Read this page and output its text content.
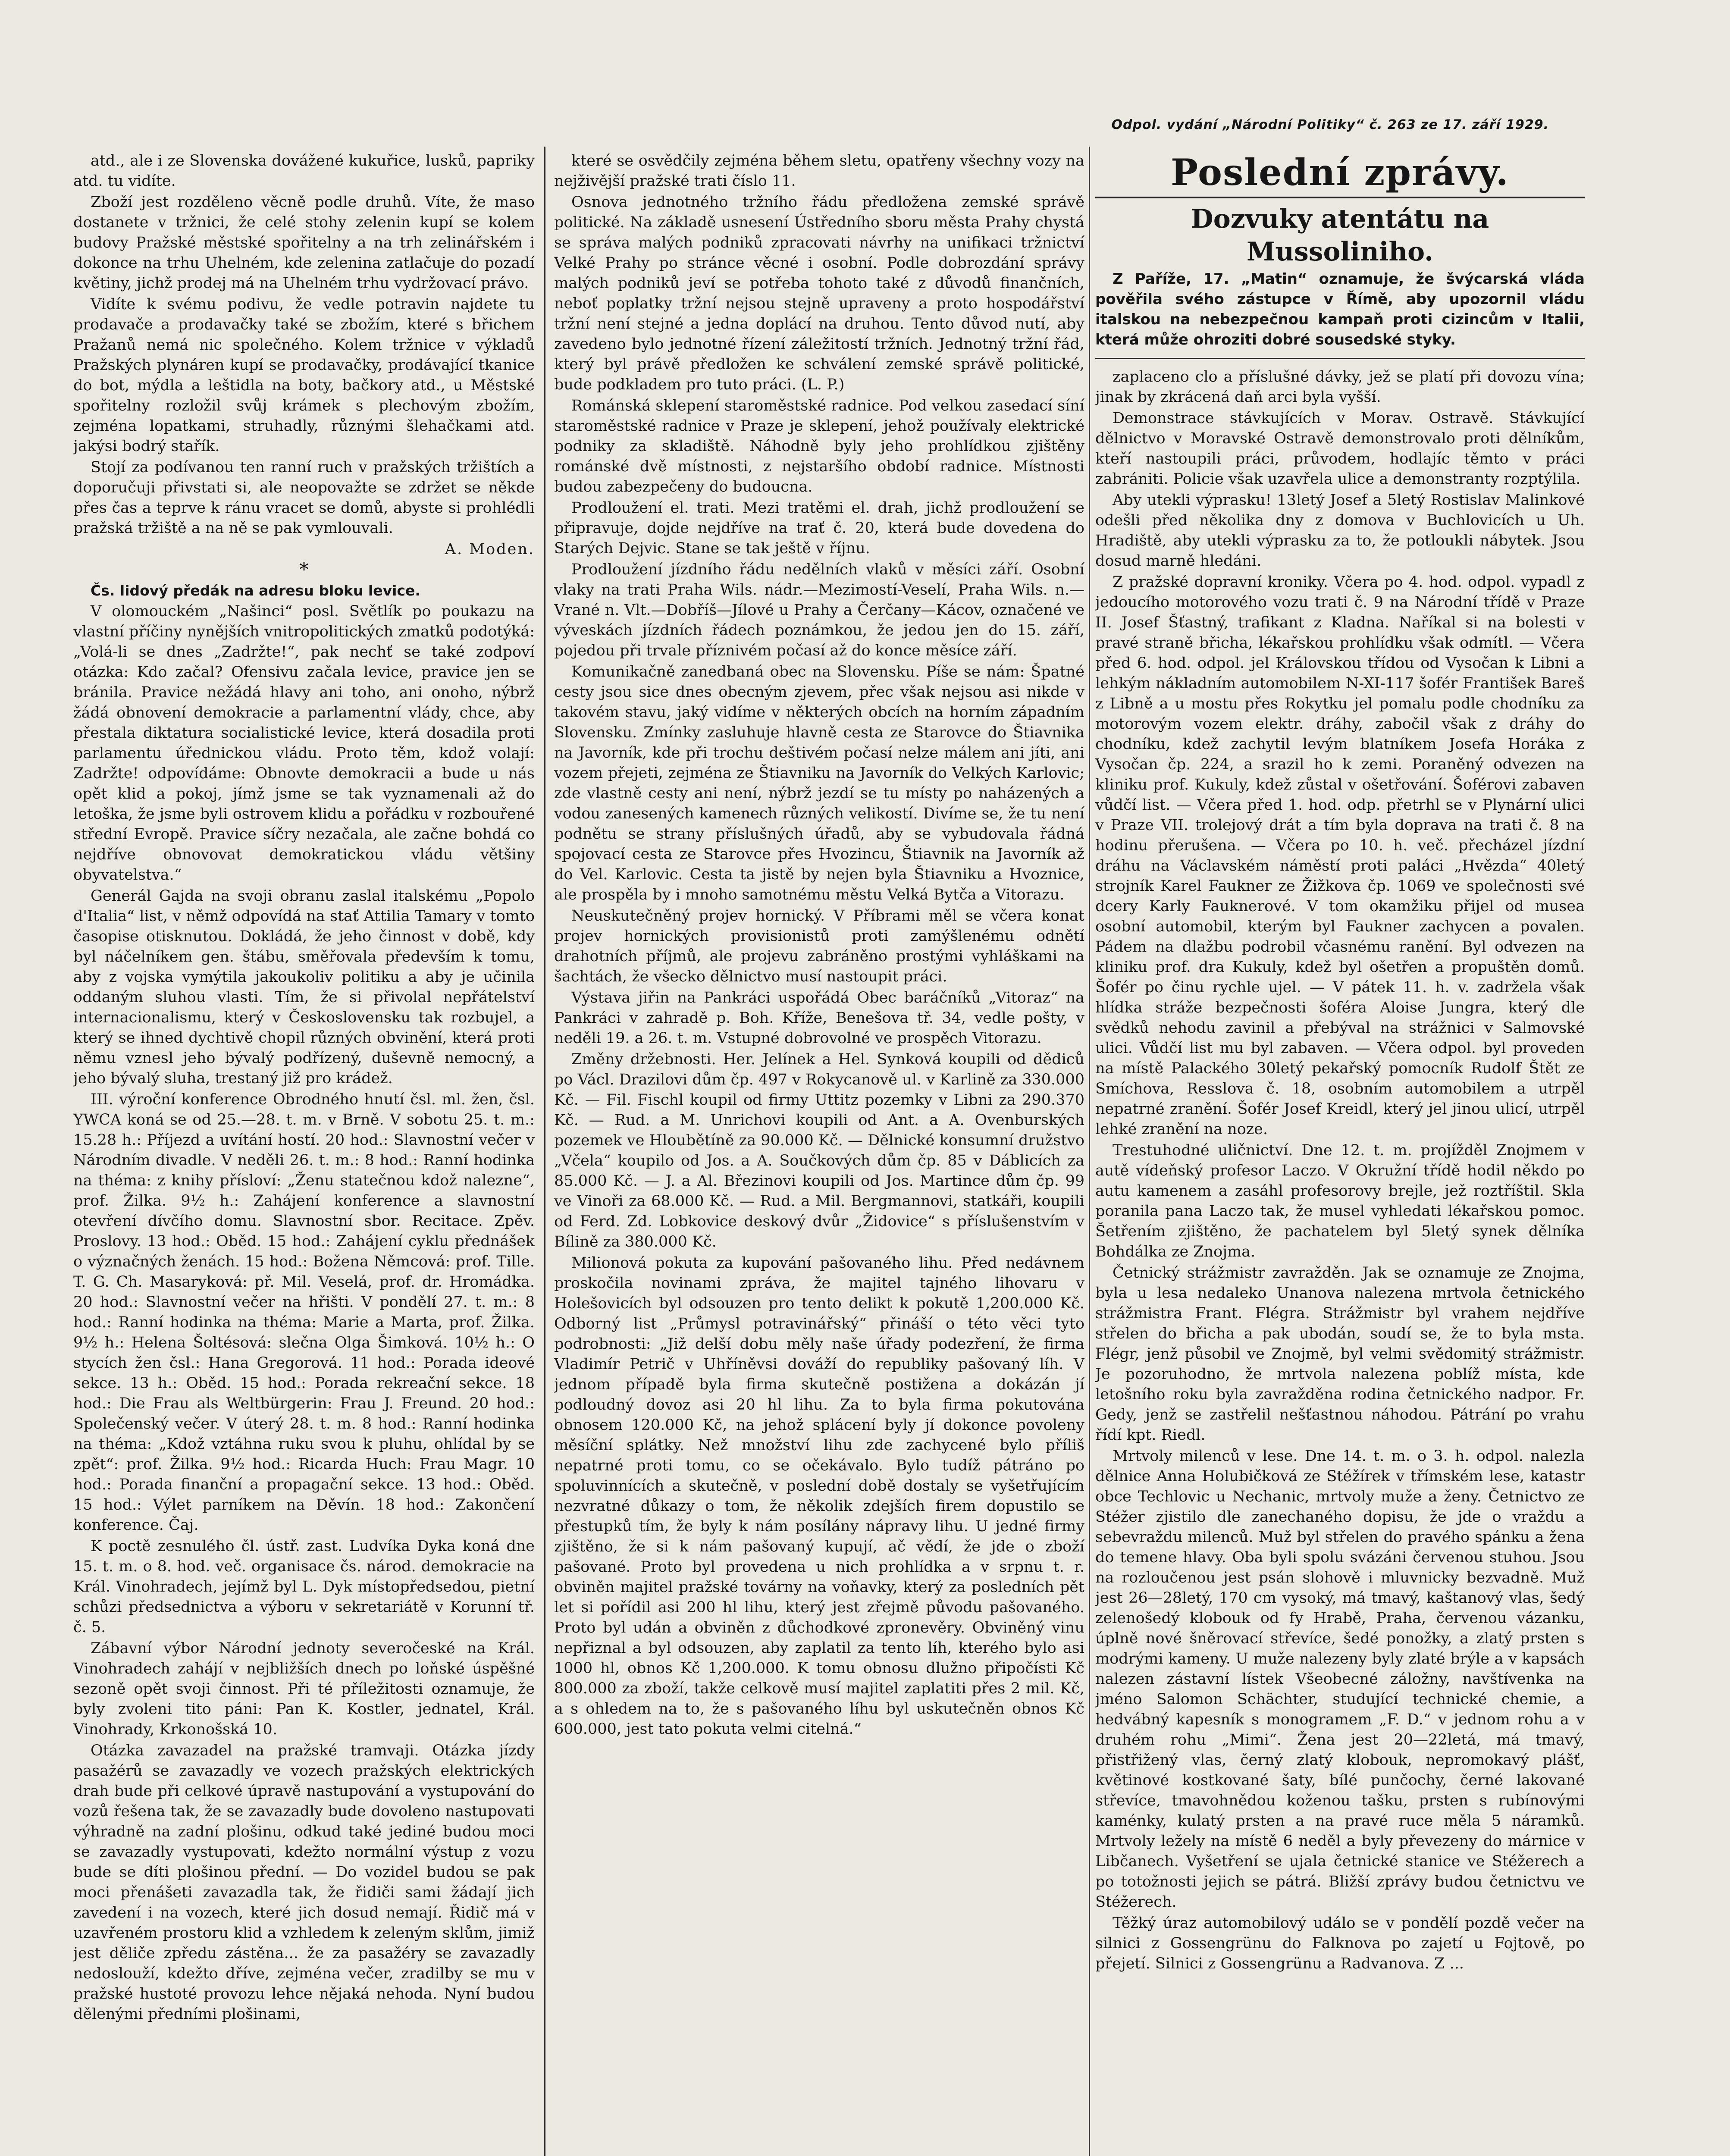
Odpol. vydání „Národní Politiky“ č. 263 ze 17. září 1929.

atd., ale i ze Slovenska dovážené kukuřice, lusků, papriky atd. tu vidíte.

Zboží jest rozděleno věcně podle druhů. Víte, že maso dostanete v tržnici, že celé stohy zelenin kupí se kolem budovy Pražské městské spořitelny a na trh zelinářském i dokonce na trhu Uhelném, kde zelenina zatlačuje do pozadí květiny, jichž prodej má na Uhelném trhu vydržovací právo.

Vidíte k svému podivu, že vedle potravin najdete tu prodavače a prodavačky také se zbožím, které s břichem Pražanů nemá nic společného. Kolem tržnice v výkladů Pražských plynáren kupí se prodavačky, prodávající tkanice do bot, mýdla a leštidla na boty, bačkory atd., u Městské spořitelny rozložil svůj krámek s plechovým zbožím, zejména lopatkami, struhadly, různými šlehačkami atd. jakýsi bodrý stařík.

Stojí za podívanou ten ranní ruch v pražských tržištích a doporučuji přivstati si, ale neopovažte se zdržet se někde přes čas a teprve k ránu vracet se domů, abyste si prohlédli pražská tržiště a na ně se pak vymlouvali.

A. Moden.

*

Čs. lidový předák na adresu bloku levice.

V olomouckém „Našinci“ posl. Světlík po poukazu na vlastní příčiny nynějších vnitropolitických zmatků podotýká: „Volá-li se dnes „Zadržte!“, pak nechť se také zodpoví otázka: Kdo začal? Ofensivu začala levice, pravice jen se bránila. Pravice nežádá hlavy ani toho, ani onoho, nýbrž žádá obnovení demokracie a parlamentní vlády, chce, aby přestala diktatura socialistické levice, která dosadila proti parlamentu úřednickou vládu. Proto těm, kdož volají: Zadržte! odpovídáme: Obnovte demokracii a bude u nás opět klid a pokoj, jímž jsme se tak vyznamenali až do letoška, že jsme byli ostrovem klidu a pořádku v rozbouřené střední Evropě. Pravice síčry nezačala, ale začne bohdá co nejdříve obnovovat demokratickou vládu většiny obyvatelstva.“

Generál Gajda na svoji obranu zaslal italskému „Popolo d'Italia“ list, v němž odpovídá na stať Attilia Tamary v tomto časopise otisknutou. Dokládá, že jeho činnost v době, kdy byl náčelníkem gen. štábu, směřovala především k tomu, aby z vojska vymýtila jakoukoliv politiku a aby je učinila oddaným sluhou vlasti. Tím, že si přivolal nepřátelství internacionalismu, který v Československu tak rozbujel, a který se ihned dychtivě chopil různých obvinění, která proti němu vznesl jeho bývalý podřízený, duševně nemocný, a jeho bývalý sluha, trestaný již pro krádež.

III. výroční konference Obrodného hnutí čsl. ml. žen, čsl. YWCA koná se od 25.—28. t. m. v Brně. V sobotu 25. t. m.: 15.28 h.: Příjezd a uvítání hostí. 20 hod.: Slavnostní večer v Národním divadle. V neděli 26. t. m.: 8 hod.: Ranní hodinka na théma: z knihy přísloví: „Ženu statečnou kdož nalezne“, prof. Žilka. 9½ h.: Zahájení konference a slavnostní otevření dívčího domu. Slavnostní sbor. Recitace. Zpěv. Proslovy. 13 hod.: Oběd. 15 hod.: Zahájení cyklu přednášek o význačných ženách. 15 hod.: Božena Němcová: prof. Tille. T. G. Ch. Masaryková: př. Mil. Veselá, prof. dr. Hromádka. 20 hod.: Slavnostní večer na hřišti. V pondělí 27. t. m.: 8 hod.: Ranní hodinka na théma: Marie a Marta, prof. Žilka. 9½ h.: Helena Šoltésová: slečna Olga Šimková. 10½ h.: O stycích žen čsl.: Hana Gregorová. 11 hod.: Porada ideové sekce. 13 h.: Oběd. 15 hod.: Porada rekreační sekce. 18 hod.: Die Frau als Weltbürgerin: Frau J. Freund. 20 hod.: Společenský večer. V úterý 28. t. m. 8 hod.: Ranní hodinka na théma: „Kdož vztáhna ruku svou k pluhu, ohlídal by se zpět“: prof. Žilka. 9½ hod.: Ricarda Huch: Frau Magr. 10 hod.: Porada finanční a propagační sekce. 13 hod.: Oběd. 15 hod.: Výlet parníkem na Děvín. 18 hod.: Zakončení konference. Čaj.

K poctě zesnulého čl. ústř. zast. Ludvíka Dyka koná dne 15. t. m. o 8. hod. več. organisace čs. národ. demokracie na Král. Vinohradech, jejímž byl L. Dyk místopředsedou, pietní schůzi předsednictva a výboru v sekretariátě v Korunní tř. č. 5.

Zábavní výbor Národní jednoty severočeské na Král. Vinohradech zahájí v nejbližších dnech po loňské úspěšné sezoně opět svoji činnost. Při té příležitosti oznamuje, že byly zvoleni tito páni: Pan K. Kostler, jednatel, Král. Vinohrady, Krkonošská 10.

Otázka zavazadel na pražské tramvaji. Otázka jízdy pasažérů se zavazadly ve vozech pražských elektrických drah bude při celkové úpravě nastupování a vystupování do vozů řešena tak, že se zavazadly bude dovoleno nastupovati výhradně na zadní plošinu, odkud také jediné budou moci se zavazadly vystupovati, kdežto normální výstup z vozu bude se díti plošinou přední. — Do vozidel budou se pak moci přenášeti zavazadla tak, že řidiči sami žádají jich zavedení i na vozech, které jich dosud nemají. Řidič má v uzavřeném prostoru klid a vzhledem k zeleným sklům, jimiž jest děliče zpředu zástěna... že za pasažéry se zavazadly nedoslouží, kdežto dříve, zejména večer, zradilby se mu v pražské hustoté provozu lehce nějaká nehoda. Nyní budou dělenými předními plošinami,

které se osvědčily zejména během sletu, opatřeny všechny vozy na nejživější pražské trati číslo 11.

Osnova jednotného tržního řádu předložena zemské správě politické. Na základě usnesení Ústředního sboru města Prahy chystá se správa malých podniků zpracovati návrhy na unifikaci tržnictví Velké Prahy po stránce věcné i osobní. Podle dobrozdání správy malých podniků jeví se potřeba tohoto také z důvodů finančních, neboť poplatky tržní nejsou stejně upraveny a proto hospodářství tržní není stejné a jedna doplácí na druhou. Tento důvod nutí, aby zavedeno bylo jednotné řízení záležitostí tržních. Jednotný tržní řád, který byl právě předložen ke schválení zemské správě politické, bude podkladem pro tuto práci. (L. P.)

Románská sklepení staroměstské radnice. Pod velkou zasedací síní staroměstské radnice v Praze je sklepení, jehož používaly elektrické podniky za skladiště. Náhodně byly jeho prohlídkou zjištěny románské dvě místnosti, z nejstaršího období radnice. Místnosti budou zabezpečeny do budoucna.

Prodloužení el. trati. Mezi tratěmi el. drah, jichž prodloužení se připravuje, dojde nejdříve na trať č. 20, která bude dovedena do Starých Dejvic. Stane se tak ještě v říjnu.

Prodloužení jízdního řádu nedělních vlaků v měsíci září. Osobní vlaky na trati Praha Wils. nádr.—Mezimostí-Veselí, Praha Wils. n.—Vrané n. Vlt.—Dobříš—Jílové u Prahy a Čerčany—Kácov, označené ve výveskách jízdních řádech poznámkou, že jedou jen do 15. září, pojedou při trvale příznivém počasí až do konce měsíce září.

Komunikačně zanedbaná obec na Slovensku. Píše se nám: Špatné cesty jsou sice dnes obecným zjevem, přec však nejsou asi nikde v takovém stavu, jaký vidíme v některých obcích na horním západním Slovensku. Zmínky zasluhuje hlavně cesta ze Starovce do Štiavnika na Javorník, kde při trochu deštivém počasí nelze málem ani jíti, ani vozem přejeti, zejména ze Štiavniku na Javorník do Velkých Karlovic; zde vlastně cesty ani není, nýbrž jezdí se tu místy po naházených a vodou zanesených kamenech různých velikostí. Divíme se, že tu není podnětu se strany příslušných úřadů, aby se vybudovala řádná spojovací cesta ze Starovce přes Hvozincu, Štiavnik na Javorník až do Vel. Karlovic. Cesta ta jistě by nejen byla Štiavniku a Hvoznice, ale prospěla by i mnoho samotnému městu Velká Bytča a Vitorazu.

Neuskutečněný projev hornický. V Příbrami měl se včera konat projev hornických provisionistů proti zamýšlenému odnětí drahotních příjmů, ale projevu zabráněno prostými vyhláškami na šachtách, že všecko dělnictvo musí nastoupit práci.

Výstava jiřin na Pankráci uspořádá Obec baráčníků „Vitoraz“ na Pankráci v zahradě p. Boh. Kříže, Benešova tř. 34, vedle pošty, v neděli 19. a 26. t. m. Vstupné dobrovolné ve prospěch Vitorazu.

Změny držebnosti. Her. Jelínek a Hel. Synková koupili od dědiců po Václ. Drazilovi dům čp. 497 v Rokycanově ul. v Karlině za 330.000 Kč. — Fil. Fischl koupil od firmy Uttitz pozemky v Libni za 290.370 Kč. — Rud. a M. Unrichovi koupili od Ant. a A. Ovenburských pozemek ve Hloubětíně za 90.000 Kč. — Dělnické konsumní družstvo „Včela“ koupilo od Jos. a A. Součkových dům čp. 85 v Dáblicích za 85.000 Kč. — J. a Al. Březinovi koupili od Jos. Martince dům čp. 99 ve Vinoři za 68.000 Kč. — Rud. a Mil. Bergmannovi, statkáři, koupili od Ferd. Zd. Lobkovice deskový dvůr „Židovice“ s příslušenstvím v Bílině za 380.000 Kč.

Milionová pokuta za kupování pašovaného lihu. Před nedávnem proskočila novinami zpráva, že majitel tajného lihovaru v Holešovicích byl odsouzen pro tento delikt k pokutě 1,200.000 Kč. Odborný list „Průmysl potravinářský“ přináší o této věci tyto podrobnosti: „Již delší dobu měly naše úřady podezření, že firma Vladimír Petrič v Uhříněvsi dováží do republiky pašovaný líh. V jednom případě byla firma skutečně postižena a dokázán jí podloudný dovoz asi 20 hl lihu. Za to byla firma pokutována obnosem 120.000 Kč, na jehož splácení byly jí dokonce povoleny měsíční splátky. Než množství lihu zde zachycené bylo příliš nepatrné proti tomu, co se očekávalo. Bylo tudíž pátráno po spoluvinnících a skutečně, v poslední době dostaly se vyšetřujícím nezvratné důkazy o tom, že několik zdejších firem dopustilo se přestupků tím, že byly k nám posílány nápravy lihu. U jedné firmy zjištěno, že si k nám pašovaný kupují, ač vědí, že jde o zboží pašované. Proto byl provedena u nich prohlídka a v srpnu t. r. obviněn majitel pražské továrny na voňavky, který za posledních pět let si pořídil asi 200 hl lihu, který jest zřejmě původu pašovaného. Proto byl udán a obviněn z důchodkové zpronevěry. Obviněný vinu nepřiznal a byl odsouzen, aby zaplatil za tento líh, kterého bylo asi 1000 hl, obnos Kč 1,200.000. K tomu obnosu dlužno připočísti Kč 800.000 za zboží, takže celkově musí majitel zaplatiti přes 2 mil. Kč, a s ohledem na to, že s pašovaného líhu byl uskutečněn obnos Kč 600.000, jest tato pokuta velmi citelná.“

Poslední zprávy.

Dozvuky atentátu na Mussoliniho.

Z Paříže, 17. „Matin“ oznamuje, že švýcarská vláda pověřila svého zástupce v Římě, aby upozornil vládu italskou na nebezpečnou kampaň proti cizincům v Italii, která může ohroziti dobré sousedské styky.

zaplaceno clo a příslušné dávky, jež se platí při dovozu vína; jinak by zkrácená daň arci byla vyšší.

Demonstrace stávkujících v Morav. Ostravě. Stávkující dělnictvo v Moravské Ostravě demonstrovalo proti dělníkům, kteří nastoupili práci, průvodem, hodlajíc těmto v práci zabrániti. Policie však uzavřela ulice a demonstranty rozptýlila.

Aby utekli výprasku! 13letý Josef a 5letý Rostislav Malinkové odešli před několika dny z domova v Buchlovicích u Uh. Hradiště, aby utekli výprasku za to, že potloukli nábytek. Jsou dosud marně hledáni.

Z pražské dopravní kroniky. Včera po 4. hod. odpol. vypadl z jedoucího motorového vozu trati č. 9 na Národní třídě v Praze II. Josef Šťastný, trafikant z Kladna. Naříkal si na bolesti v pravé straně břicha, lékařskou prohlídku však odmítl. — Včera před 6. hod. odpol. jel Královskou třídou od Vysočan k Libni a lehkým nákladním automobilem N-XI-117 šofér František Bareš z Libně a u mostu přes Rokytku jel pomalu podle chodníku za motorovým vozem elektr. dráhy, zabočil však z dráhy do chodníku, kdež zachytil levým blatníkem Josefa Horáka z Vysočan čp. 224, a srazil ho k zemi. Poraněný odvezen na kliniku prof. Kukuly, kdež zůstal v ošetřování. Šoférovi zabaven vůdčí list. — Včera před 1. hod. odp. přetrhl se v Plynární ulici v Praze VII. trolejový drát a tím byla doprava na trati č. 8 na hodinu přerušena. — Včera po 10. h. več. přecházel jízdní dráhu na Václavském náměstí proti paláci „Hvězda“ 40letý strojník Karel Faukner ze Žižkova čp. 1069 ve společnosti své dcery Karly Fauknerové. V tom okamžiku přijel od musea osobní automobil, kterým byl Faukner zachycen a povalen. Pádem na dlažbu podrobil včasnému ranění. Byl odvezen na kliniku prof. dra Kukuly, kdež byl ošetřen a propuštěn domů. Šofér po činu rychle ujel. — V pátek 11. h. v. zadržela však hlídka stráže bezpečnosti šoféra Aloise Jungra, který dle svědků nehodu zavinil a přebýval na strážnici v Salmovské ulici. Vůdčí list mu byl zabaven. — Včera odpol. byl proveden na místě Palackého 30letý pekařský pomocník Rudolf Štět ze Smíchova, Resslova č. 18, osobním automobilem a utrpěl nepatrné zranění. Šofér Josef Kreidl, který jel jinou ulicí, utrpěl lehké zranění na noze.

Trestuhodné uličnictví. Dne 12. t. m. projížděl Znojmem v autě vídeňský profesor Laczo. V Okružní třídě hodil někdo po autu kamenem a zasáhl profesorovy brejle, jež roztříštil. Skla poranila pana Laczo tak, že musel vyhledati lékařskou pomoc. Šetřením zjištěno, že pachatelem byl 5letý synek dělníka Bohdálka ze Znojma.

Četnický strážmistr zavražděn. Jak se oznamuje ze Znojma, byla u lesa nedaleko Unanova nalezena mrtvola četnického strážmistra Frant. Flégra. Strážmistr byl vrahem nejdříve střelen do břicha a pak ubodán, soudí se, že to byla msta. Flégr, jenž působil ve Znojmě, byl velmi svědomitý strážmistr. Je pozoruhodno, že mrtvola nalezena poblíž místa, kde letošního roku byla zavražděna rodina četnického nadpor. Fr. Gedy, jenž se zastřelil nešťastnou náhodou. Pátrání po vrahu řídí kpt. Riedl.

Mrtvoly milenců v lese. Dne 14. t. m. o 3. h. odpol. nalezla dělnice Anna Holubičková ze Stéžírek v třímském lese, katastr obce Techlovic u Nechanic, mrtvoly muže a ženy. Četnictvo ze Stéžer zjistilo dle zanechaného dopisu, že jde o vraždu a sebevraždu milenců. Muž byl střelen do pravého spánku a žena do temene hlavy. Oba byli spolu svázáni červenou stuhou. Jsou na rozloučenou jest psán slohově i mluvnicky bezvadně. Muž jest 26—28letý, 170 cm vysoký, má tmavý, kaštanový vlas, šedý zelenošedý klobouk od fy Hrabě, Praha, červenou vázanku, úplně nové šněrovací střevíce, šedé ponožky, a zlatý prsten s modrými kameny. U muže nalezeny byly zlaté brýle a v kapsách nalezen zástavní lístek Všeobecné záložny, navštívenka na jméno Salomon Schächter, studující technické chemie, a hedvábný kapesník s monogramem „F. D.“ v jednom rohu a v druhém rohu „Mimi“. Žena jest 20—22letá, má tmavý, přistřižený vlas, černý zlatý klobouk, nepromokavý plášť, květinové kostkované šaty, bílé punčochy, černé lakované střevíce, tmavohnědou koženou tašku, prsten s rubínovými kaménky, kulatý prsten a na pravé ruce měla 5 náramků. Mrtvoly ležely na místě 6 neděl a byly převezeny do márnice v Libčanech. Vyšetření se ujala četnické stanice ve Stéžerech a po totožnosti jejich se pátrá. Bližší zprávy budou četnictvu ve Stéžerech.

Těžký úraz automobilový událo se v pondělí pozdě večer na silnici z Gossengrünu do Falknova po zajetí u Fojtově, po přejetí. Silnici z Gossengrünu a Radvanova. Z ...
